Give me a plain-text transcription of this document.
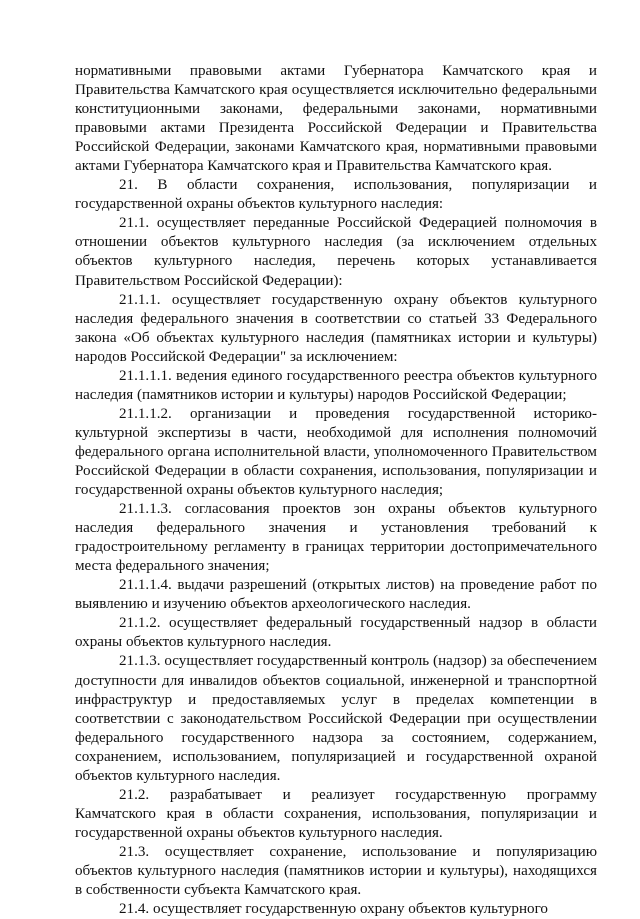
нормативными правовыми актами Губернатора Камчатского края и Правительства Камчатского края осуществляется исключительно федеральными конституционными законами, федеральными законами, нормативными правовыми актами Президента Российской Федерации и Правительства Российской Федерации, законами Камчатского края, нормативными правовыми актами Губернатора Камчатского края и Правительства Камчатского края.

21. В области сохранения, использования, популяризации и государственной охраны объектов культурного наследия:

21.1. осуществляет переданные Российской Федерацией полномочия в отношении объектов культурного наследия (за исключением отдельных объектов культурного наследия, перечень которых устанавливается Правительством Российской Федерации):

21.1.1. осуществляет государственную охрану объектов культурного наследия федерального значения в соответствии со статьей 33 Федерального закона «Об объектах культурного наследия (памятниках истории и культуры) народов Российской Федерации" за исключением:

21.1.1.1. ведения единого государственного реестра объектов культурного наследия (памятников истории и культуры) народов Российской Федерации;

21.1.1.2. организации и проведения государственной историко-культурной экспертизы в части, необходимой для исполнения полномочий федерального органа исполнительной власти, уполномоченного Правительством Российской Федерации в области сохранения, использования, популяризации и государственной охраны объектов культурного наследия;

21.1.1.3. согласования проектов зон охраны объектов культурного наследия федерального значения и установления требований к градостроительному регламенту в границах территории достопримечательного места федерального значения;

21.1.1.4. выдачи разрешений (открытых листов) на проведение работ по выявлению и изучению объектов археологического наследия.

21.1.2. осуществляет федеральный государственный надзор в области охраны объектов культурного наследия.

21.1.3. осуществляет государственный контроль (надзор) за обеспечением доступности для инвалидов объектов социальной, инженерной и транспортной инфраструктур и предоставляемых услуг в пределах компетенции в соответствии с законодательством Российской Федерации при осуществлении федерального государственного надзора за состоянием, содержанием, сохранением, использованием, популяризацией и государственной охраной объектов культурного наследия.

21.2. разрабатывает и реализует государственную программу Камчатского края в области сохранения, использования, популяризации и государственной охраны объектов культурного наследия.

21.3. осуществляет сохранение, использование и популяризацию объектов культурного наследия (памятников истории и культуры), находящихся в собственности субъекта Камчатского края.

21.4. осуществляет государственную охрану объектов культурного
